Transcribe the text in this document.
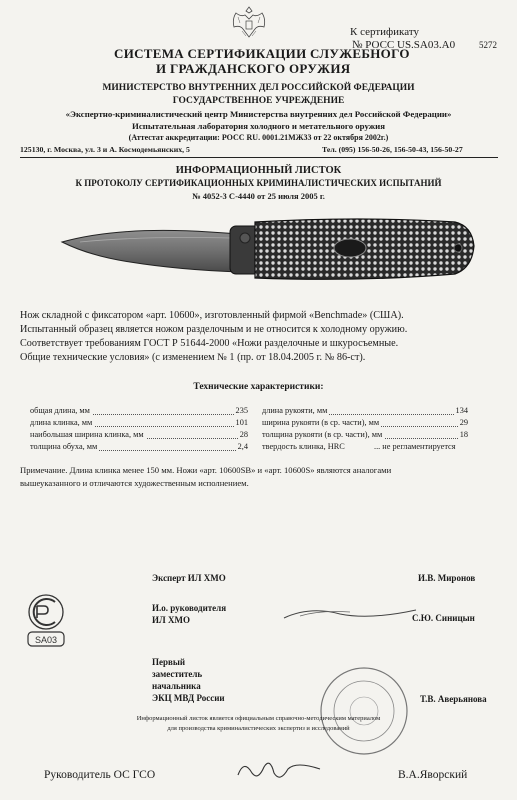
К сертификату
№ РОСС US.SA03.A0	5272
СИСТЕМА СЕРТИФИКАЦИИ СЛУЖЕБНОГО
И ГРАЖДАНСКОГО ОРУЖИЯ
МИНИСТЕРСТВО ВНУТРЕННИХ ДЕЛ РОССИЙСКОЙ ФЕДЕРАЦИИ
ГОСУДАРСТВЕННОЕ УЧРЕЖДЕНИЕ
«Экспертно-криминалистический центр Министерства внутренних дел Российской Федерации»
Испытательная лаборатория холодного и метательного оружия
(Аттестат аккредитации: РОСС RU. 0001.21МЖ33 от 22 октября 2002г.)
125130, г. Москва, ул. 3 и А. Космодемьянских, 5	Тел. (095) 156-50-26, 156-50-43, 156-50-27
ИНФОРМАЦИОННЫЙ ЛИСТОК
К ПРОТОКОЛУ СЕРТИФИКАЦИОННЫХ КРИМИНАЛИСТИЧЕСКИХ ИСПЫТАНИЙ
№ 4052-3 С-4440 от 25 июля 2005 г.
Нож складной с фиксатором «арт. 10600», изготовленный фирмой «Benchmade» (США).
Испытанный образец является ножом разделочным и не относится к холодному оружию.
Соответствует требованиям ГОСТ Р 51644-2000 «Ножи разделочные и шкуросъемные.
Общие технические условия» (с изменением № 1 (пр. от 18.04.2005 г. № 86-ст).
Технические характеристики:
общая длина, мм	235
длина клинка, мм	101
наибольшая ширина клинка, мм	28
толщина обуха, мм	2,4
длина рукояти, мм	134
ширина рукояти (в ср. части), мм	29
толщина рукояти (в ср. части), мм	18
твердость клинка, HRC	... не регламентируется
Примечание. Длина клинка менее 150 мм. Ножи «арт. 10600SB» и «арт. 10600S» являются аналогами
вышеуказанного и отличаются художественным исполнением.
Эксперт ИЛ ХМО	И.В. Миронов
SA03
И.о. руководителя
ИЛ ХМО	С.Ю. Синицын
Первый
заместитель
начальника
ЭКЦ МВД России	Т.В. Аверьянова
Информационный листок является официальным справочно-методическим материалом
для производства криминалистических экспертиз и исследований
Руководитель ОС ГСО	В.А.Яворский
